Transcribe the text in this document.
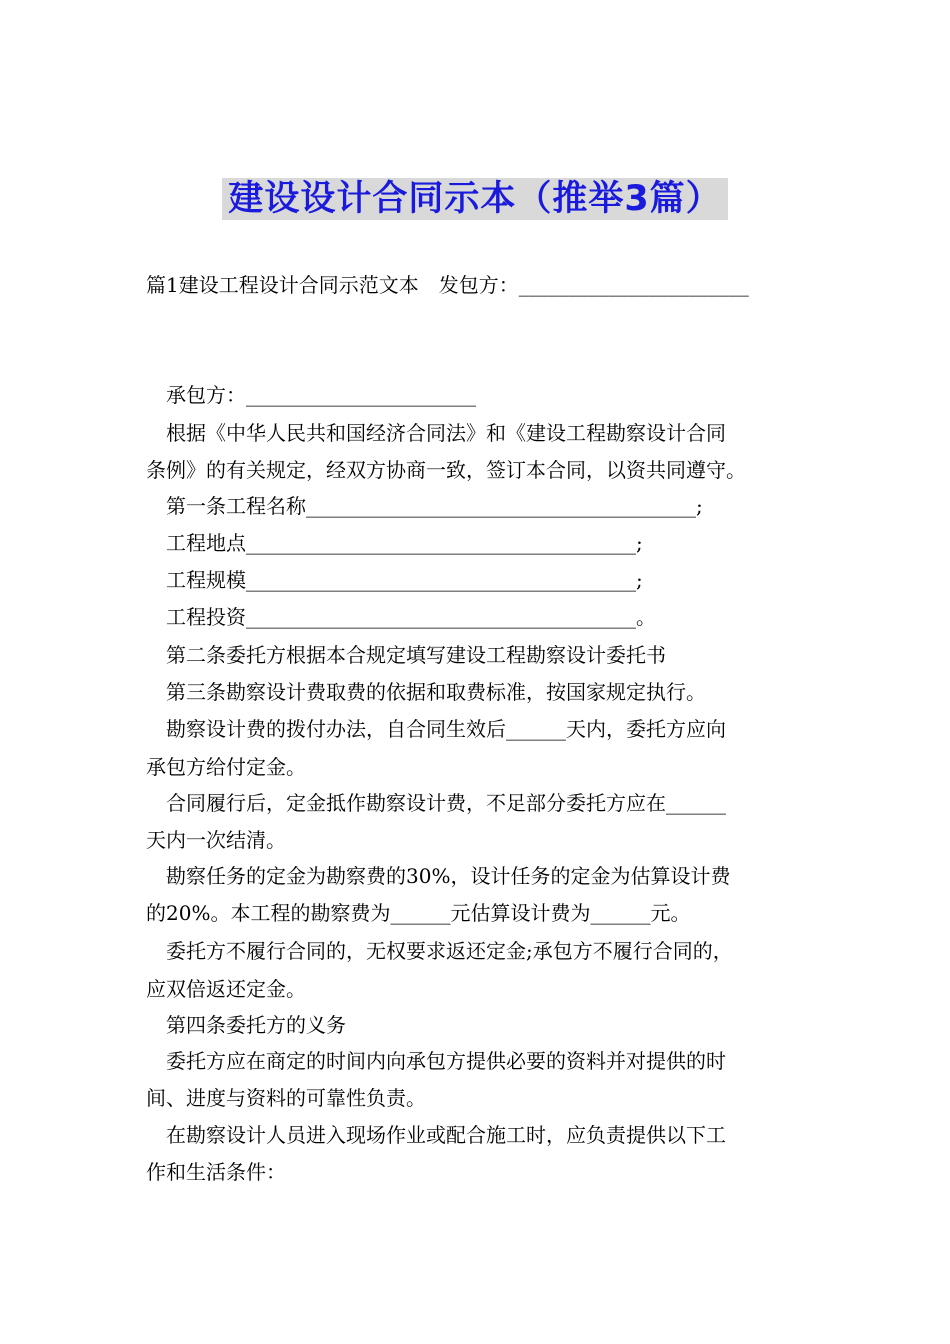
建设设计合同示本（推举3篇）
篇1建设工程设计合同示范文本　发包方：_______________________
承包方：_______________________
根据《中华人民共和国经济合同法》和《建设工程勘察设计合同
条例》的有关规定，经双方协商一致，签订本合同，以资共同遵守。
第一条工程名称_______________________________________;
工程地点_______________________________________;
工程规模_______________________________________;
工程投资_______________________________________。
第二条委托方根据本合规定填写建设工程勘察设计委托书
第三条勘察设计费取费的依据和取费标准，按国家规定执行。
勘察设计费的拨付办法，自合同生效后______天内，委托方应向
承包方给付定金。
合同履行后，定金抵作勘察设计费，不足部分委托方应在______
天内一次结清。
勘察任务的定金为勘察费的30%，设计任务的定金为估算设计费
的20%。本工程的勘察费为______元估算设计费为______元。
委托方不履行合同的，无权要求返还定金;承包方不履行合同的，
应双倍返还定金。
第四条委托方的义务
委托方应在商定的时间内向承包方提供必要的资料并对提供的时
间、进度与资料的可靠性负责。
在勘察设计人员进入现场作业或配合施工时，应负责提供以下工
作和生活条件：
